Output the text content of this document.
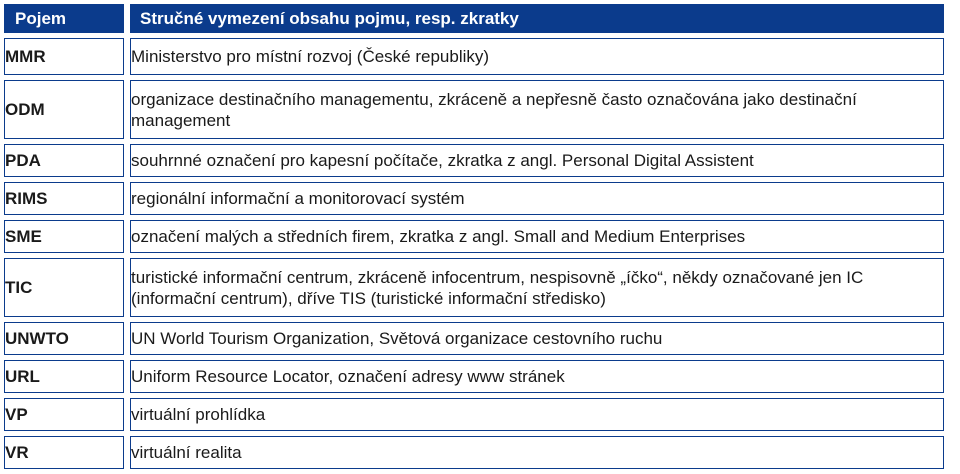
Pojem	Stručné vymezení obsahu pojmu, resp. zkratky
MMR	Ministerstvo pro místní rozvoj (České republiky)
ODM	organizace destinačního managementu, zkráceně a nepřesně často označována jako destinační management
PDA	souhrnné označení pro kapesní počítače, zkratka z angl. Personal Digital Assistent
RIMS	regionální informační a monitorovací systém
SME	označení malých a středních firem, zkratka z angl. Small and Medium Enterprises
TIC	turistické informační centrum, zkráceně infocentrum, nespisovně „íčko“, někdy označované jen IC (informační centrum), dříve TIS (turistické informační středisko)
UNWTO	UN World Tourism Organization, Světová organizace cestovního ruchu
URL	Uniform Resource Locator, označení adresy www stránek
VP	virtuální prohlídka
VR	virtuální realita
